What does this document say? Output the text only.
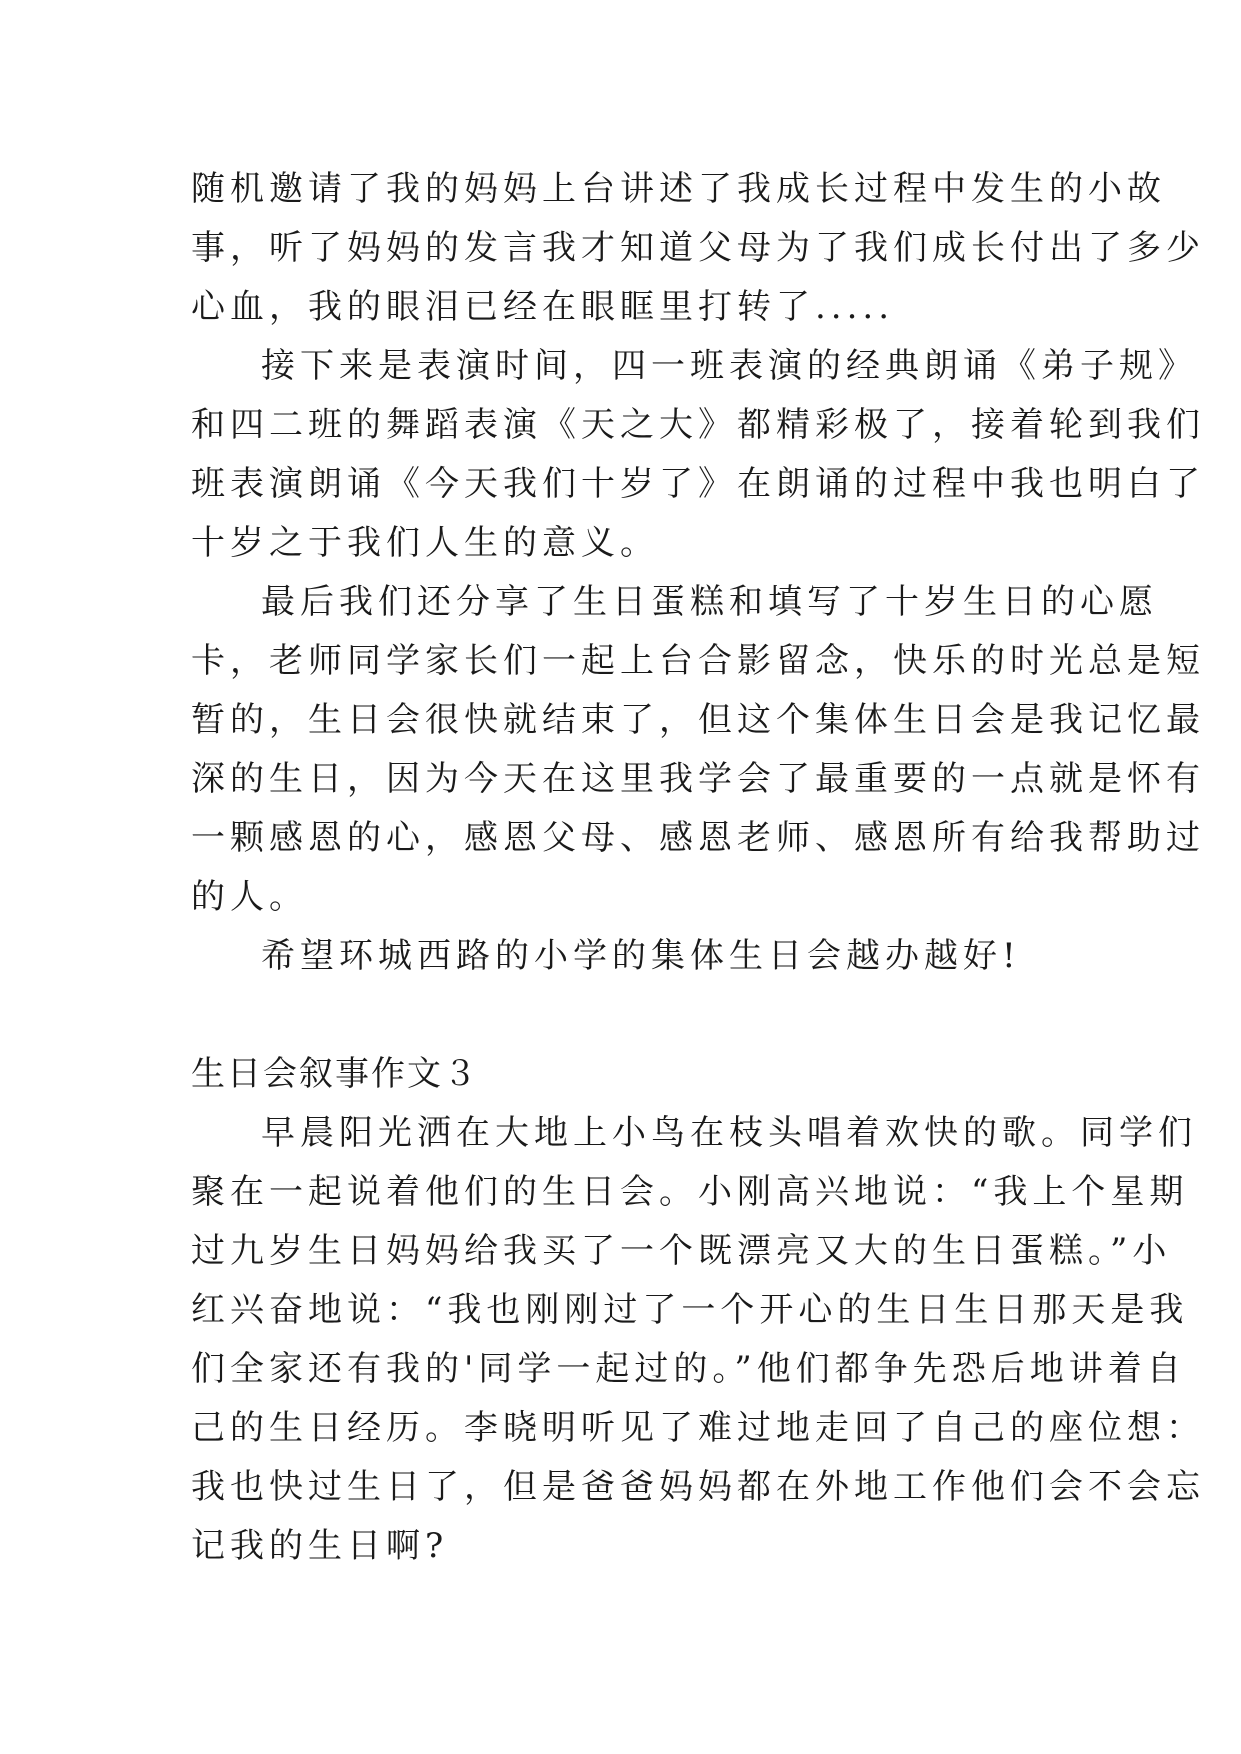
随机邀请了我的妈妈上台讲述了我成长过程中发生的小故
事，听了妈妈的发言我才知道父母为了我们成长付出了多少
心血，我的眼泪已经在眼眶里打转了.....
接下来是表演时间，四一班表演的经典朗诵《弟子规》
和四二班的舞蹈表演《天之大》都精彩极了，接着轮到我们
班表演朗诵《今天我们十岁了》在朗诵的过程中我也明白了
十岁之于我们人生的意义。
最后我们还分享了生日蛋糕和填写了十岁生日的心愿
卡，老师同学家长们一起上台合影留念，快乐的时光总是短
暂的，生日会很快就结束了，但这个集体生日会是我记忆最
深的生日，因为今天在这里我学会了最重要的一点就是怀有
一颗感恩的心，感恩父母、感恩老师、感恩所有给我帮助过
的人。
希望环城西路的小学的集体生日会越办越好!
生日会叙事作文３
早晨阳光洒在大地上小鸟在枝头唱着欢快的歌。同学们
聚在一起说着他们的生日会。小刚高兴地说：“我上个星期
过九岁生日妈妈给我买了一个既漂亮又大的生日蛋糕。”小
红兴奋地说：“我也刚刚过了一个开心的生日生日那天是我
们全家还有我的'同学一起过的。”他们都争先恐后地讲着自
己的生日经历。李晓明听见了难过地走回了自己的座位想：
我也快过生日了，但是爸爸妈妈都在外地工作他们会不会忘
记我的生日啊?
